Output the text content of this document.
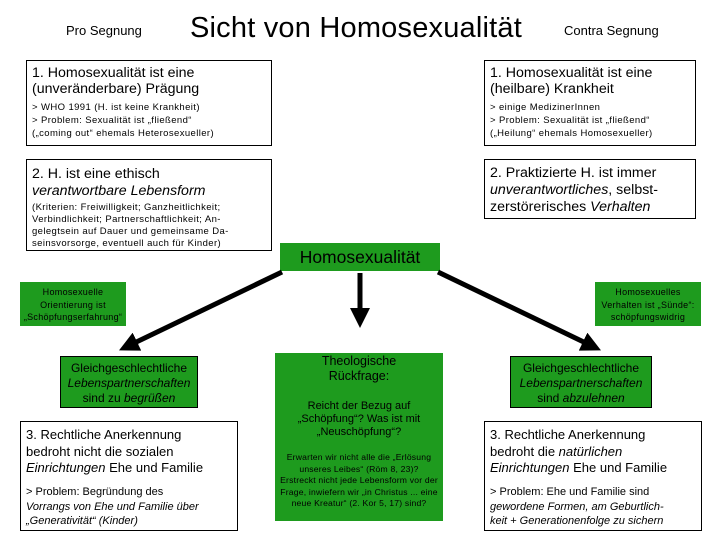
Pro Segnung Sicht von Homosexualität	Contra Segnung
1. Homosexualität ist eine
(unveränderbare) Prägung
> WHO 1991 (H. ist keine Krankheit)
> Problem: Sexualität ist „fließend“
(„coming out“ ehemals Heterosexueller)
1. Homosexualität ist eine
(heilbare) Krankheit
> einige MedizinerInnen
> Problem: Sexualität ist „fließend“
(„Heilung“ ehemals Homosexueller)
2. H. ist eine ethisch
verantwortbare Lebensform
(Kriterien: Freiwilligkeit; Ganzheitlichkeit;
Verbindlichkeit; Partnerschaftlichkeit; An-
gelegtsein auf Dauer und gemeinsame Da-
seinsvorsorge, eventuell auch für Kinder)
2. Praktizierte H. ist immer
unverantwortliches, selbst-
zerstörerisches Verhalten
Homosexualität
Homosexuelle
Orientierung ist
„Schöpfungserfahrung“
Homosexuelles
Verhalten ist „Sünde“:
schöpfungswidrig
Gleichgeschlechtliche
Lebenspartnerschaften
sind zu begrüßen
Gleichgeschlechtliche
Lebenspartnerschaften
sind abzulehnen
Theologische
Rückfrage:
Reicht der Bezug auf
„Schöpfung“? Was ist mit
„Neuschöpfung“?
Erwarten wir nicht alle die „Erlösung
unseres Leibes“ (Röm 8, 23)?
Erstreckt nicht jede Lebensform vor der
Frage, inwiefern wir „in Christus ... eine
neue Kreatur“ (2. Kor 5, 17) sind?
3. Rechtliche Anerkennung
bedroht nicht die sozialen
Einrichtungen Ehe und Familie
> Problem: Begründung des
Vorrangs von Ehe und Familie über
„Generativität“ (Kinder)
3. Rechtliche Anerkennung
bedroht die natürlichen
Einrichtungen Ehe und Familie
> Problem: Ehe und Familie sind
gewordene Formen, am Geburtlich-
keit + Generationenfolge zu sichern
